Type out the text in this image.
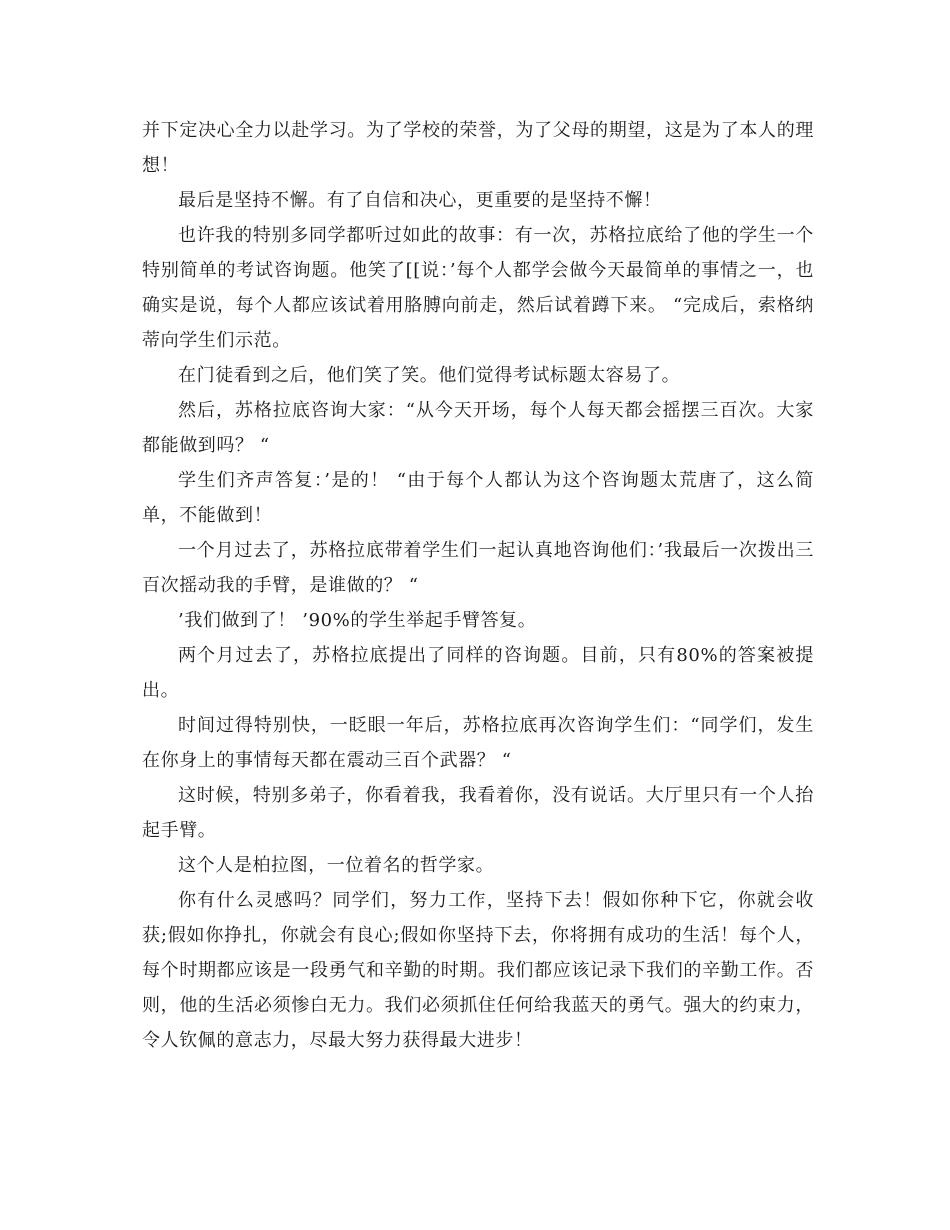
并下定决心全力以赴学习。为了学校的荣誉，为了父母的期望，这是为了本人的理想！

最后是坚持不懈。有了自信和决心，更重要的是坚持不懈！

也许我的特别多同学都听过如此的故事：有一次，苏格拉底给了他的学生一个特别简单的考试咨询题。他笑了[[说：’每个人都学会做今天最简单的事情之一，也确实是说，每个人都应该试着用胳膊向前走，然后试着蹲下来。 “完成后，索格纳蒂向学生们示范。

在门徒看到之后，他们笑了笑。他们觉得考试标题太容易了。

然后，苏格拉底咨询大家：“从今天开场，每个人每天都会摇摆三百次。大家都能做到吗？ “

学生们齐声答复：’是的！ “由于每个人都认为这个咨询题太荒唐了，这么简单，不能做到！

一个月过去了，苏格拉底带着学生们一起认真地咨询他们：’我最后一次拨出三百次摇动我的手臂，是谁做的？ “

’我们做到了！ ’90%的学生举起手臂答复。

两个月过去了，苏格拉底提出了同样的咨询题。目前，只有80%的答案被提出。

时间过得特别快，一眨眼一年后，苏格拉底再次咨询学生们：“同学们，发生在你身上的事情每天都在震动三百个武器？ “

这时候，特别多弟子，你看着我，我看着你，没有说话。大厅里只有一个人抬起手臂。

这个人是柏拉图，一位着名的哲学家。

你有什么灵感吗？同学们，努力工作，坚持下去！假如你种下它，你就会收获;假如你挣扎，你就会有良心;假如你坚持下去，你将拥有成功的生活！每个人，每个时期都应该是一段勇气和辛勤的时期。我们都应该记录下我们的辛勤工作。否则，他的生活必须惨白无力。我们必须抓住任何给我蓝天的勇气。强大的约束力，令人钦佩的意志力，尽最大努力获得最大进步！
